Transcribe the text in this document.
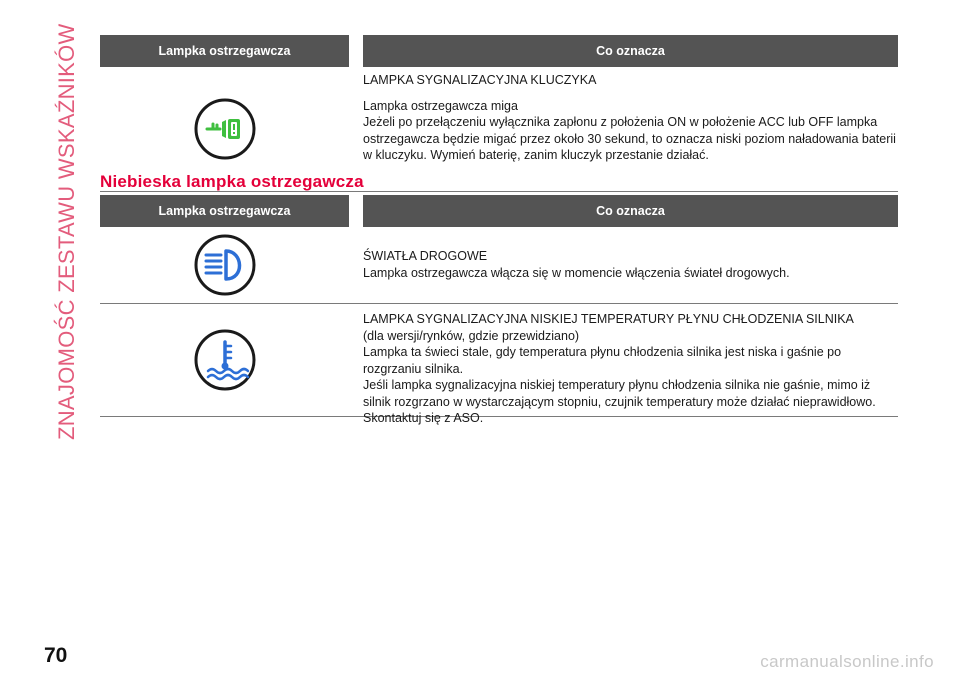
ZNAJOMOŚĆ ZESTAWU WSKAŹNIKÓW	Lampka ostrzegawcza	Co oznacza

LAMPKA SYGNALIZACYJNA KLUCZYKA

Lampka ostrzegawcza miga

Jeżeli po przełączeniu wyłącznika zapłonu z położenia ON w położenie ACC lub OFF lampka ostrzegawcza będzie migać przez około 30 sekund, to oznacza niski poziom naładowania baterii w kluczyku. Wymień baterię, zanim kluczyk przestanie działać.

Niebieska lampka ostrzegawcza
Lampka ostrzegawcza	Co oznacza

ŚWIATŁA DROGOWE

Lampka ostrzegawcza włącza się w momencie włączenia świateł drogowych.

LAMPKA SYGNALIZACYJNA NISKIEJ TEMPERATURY PŁYNU CHŁODZENIA SILNIKA

(dla wersji/rynków, gdzie przewidziano)

Lampka ta świeci stale, gdy temperatura płynu chłodzenia silnika jest niska i gaśnie po rozgrzaniu silnika.

Jeśli lampka sygnalizacyjna niskiej temperatury płynu chłodzenia silnika nie gaśnie, mimo iż silnik rozgrzano w wystarczającym stopniu, czujnik temperatury może działać nieprawidłowo. Skontaktuj się z ASO.

70	carmanualsonline.info
